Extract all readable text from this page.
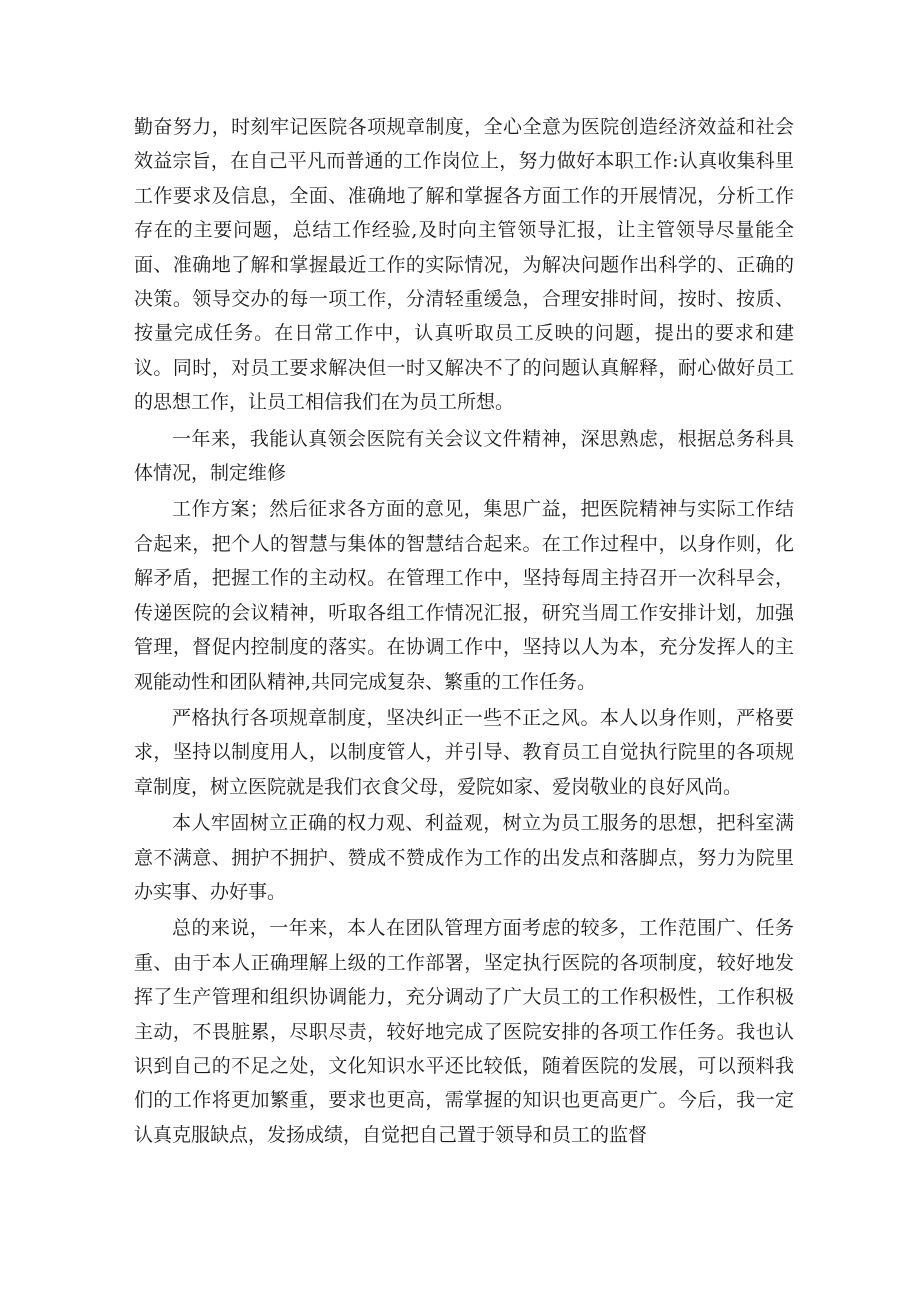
勤奋努力，时刻牢记医院各项规章制度，全心全意为医院创造经济效益和社会效益宗旨，在自己平凡而普通的工作岗位上，努力做好本职工作:认真收集科里工作要求及信息，全面、准确地了解和掌握各方面工作的开展情况，分析工作存在的主要问题，总结工作经验,及时向主管领导汇报，让主管领导尽量能全面、准确地了解和掌握最近工作的实际情况，为解决问题作出科学的、正确的决策。领导交办的每一项工作，分清轻重缓急，合理安排时间，按时、按质、按量完成任务。在日常工作中，认真听取员工反映的问题，提出的要求和建议。同时，对员工要求解决但一时又解决不了的问题认真解释，耐心做好员工的思想工作，让员工相信我们在为员工所想。

一年来，我能认真领会医院有关会议文件精神，深思熟虑，根据总务科具体情况，制定维修

工作方案；然后征求各方面的意见，集思广益，把医院精神与实际工作结合起来，把个人的智慧与集体的智慧结合起来。在工作过程中，以身作则，化解矛盾，把握工作的主动权。在管理工作中，坚持每周主持召开一次科早会，传递医院的会议精神，听取各组工作情况汇报，研究当周工作安排计划，加强管理，督促内控制度的落实。在协调工作中，坚持以人为本，充分发挥人的主观能动性和团队精神,共同完成复杂、繁重的工作任务。

严格执行各项规章制度，坚决纠正一些不正之风。本人以身作则，严格要求，坚持以制度用人，以制度管人，并引导、教育员工自觉执行院里的各项规章制度，树立医院就是我们衣食父母，爱院如家、爱岗敬业的良好风尚。

本人牢固树立正确的权力观、利益观，树立为员工服务的思想，把科室满意不满意、拥护不拥护、赞成不赞成作为工作的出发点和落脚点，努力为院里办实事、办好事。

总的来说，一年来，本人在团队管理方面考虑的较多，工作范围广、任务重、由于本人正确理解上级的工作部署，坚定执行医院的各项制度，较好地发挥了生产管理和组织协调能力，充分调动了广大员工的工作积极性，工作积极主动，不畏脏累，尽职尽责，较好地完成了医院安排的各项工作任务。我也认识到自己的不足之处，文化知识水平还比较低，随着医院的发展，可以预料我们的工作将更加繁重，要求也更高，需掌握的知识也更高更广。今后，我一定认真克服缺点，发扬成绩，自觉把自己置于领导和员工的监督
